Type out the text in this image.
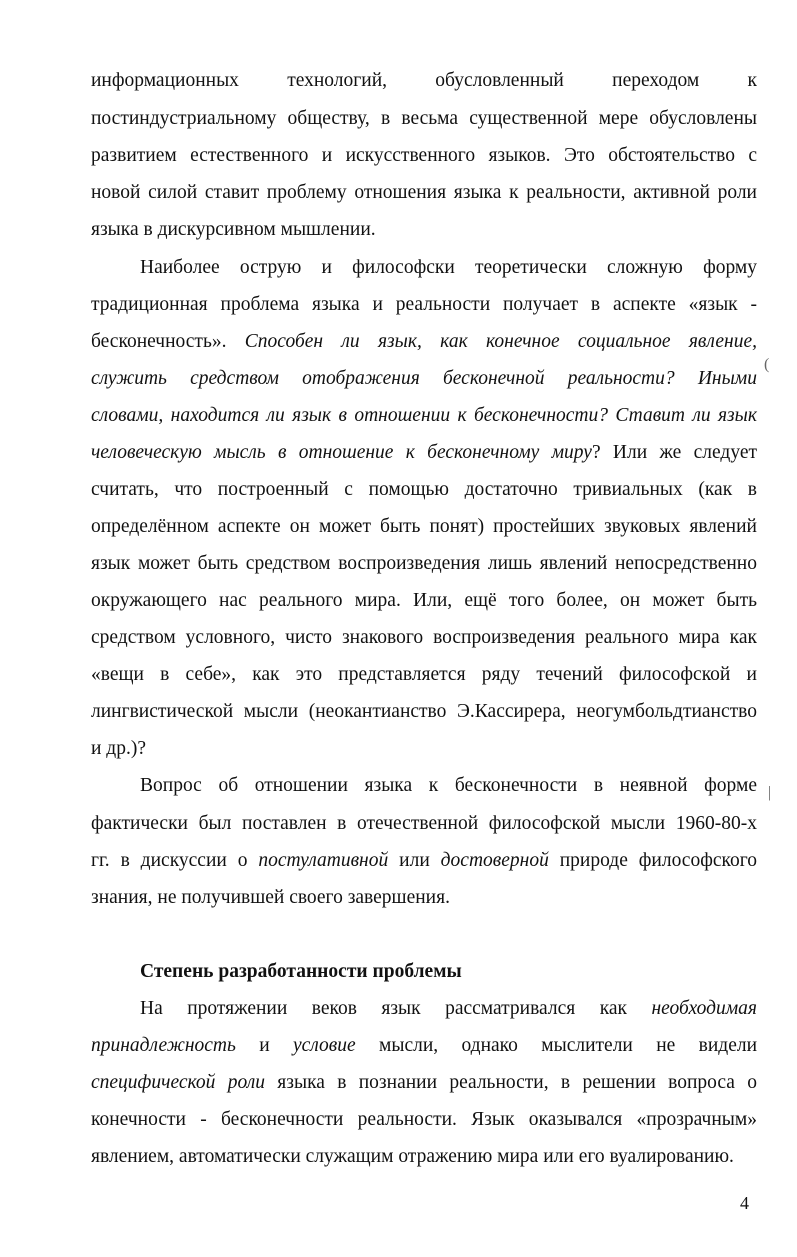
информационных технологий, обусловленный переходом к
постиндустриальному обществу, в весьма существенной мере обусловлены
развитием естественного и искусственного языков. Это обстоятельство с
новой силой ставит проблему отношения языка к реальности, активной роли
языка в дискурсивном мышлении.
Наиболее острую и философски теоретически сложную форму
традиционная проблема языка и реальности получает в аспекте «язык -
бесконечность». Способен ли язык, как конечное социальное явление,
служить средством отображения бесконечной реальности? Иными
словами, находится ли язык в отношении к бесконечности? Ставит ли язык
человеческую мысль в отношение к бесконечному миру? Или же следует
считать, что построенный с помощью достаточно тривиальных (как в
определённом аспекте он может быть понят) простейших звуковых явлений
язык может быть средством воспроизведения лишь явлений непосредственно
окружающего нас реального мира. Или, ещё того более, он может быть
средством условного, чисто знакового воспроизведения реального мира как
«вещи в себе», как это представляется ряду течений философской и
лингвистической мысли (неокантианство Э.Кассирера, неогумбольдтианство
и др.)?
Вопрос об отношении языка к бесконечности в неявной форме
фактически был поставлен в отечественной философской мысли 1960-80-х
гг. в дискуссии о постулативной или достоверной природе философского
знания, не получившей своего завершения.
Степень разработанности проблемы
На протяжении веков язык рассматривался как необходимая
принадлежность и условие мысли, однако мыслители не видели
специфической роли языка в познании реальности, в решении вопроса о
конечности - бесконечности реальности. Язык оказывался «прозрачным»
явлением, автоматически служащим отражению мира или его вуалированию.
4
(
|
